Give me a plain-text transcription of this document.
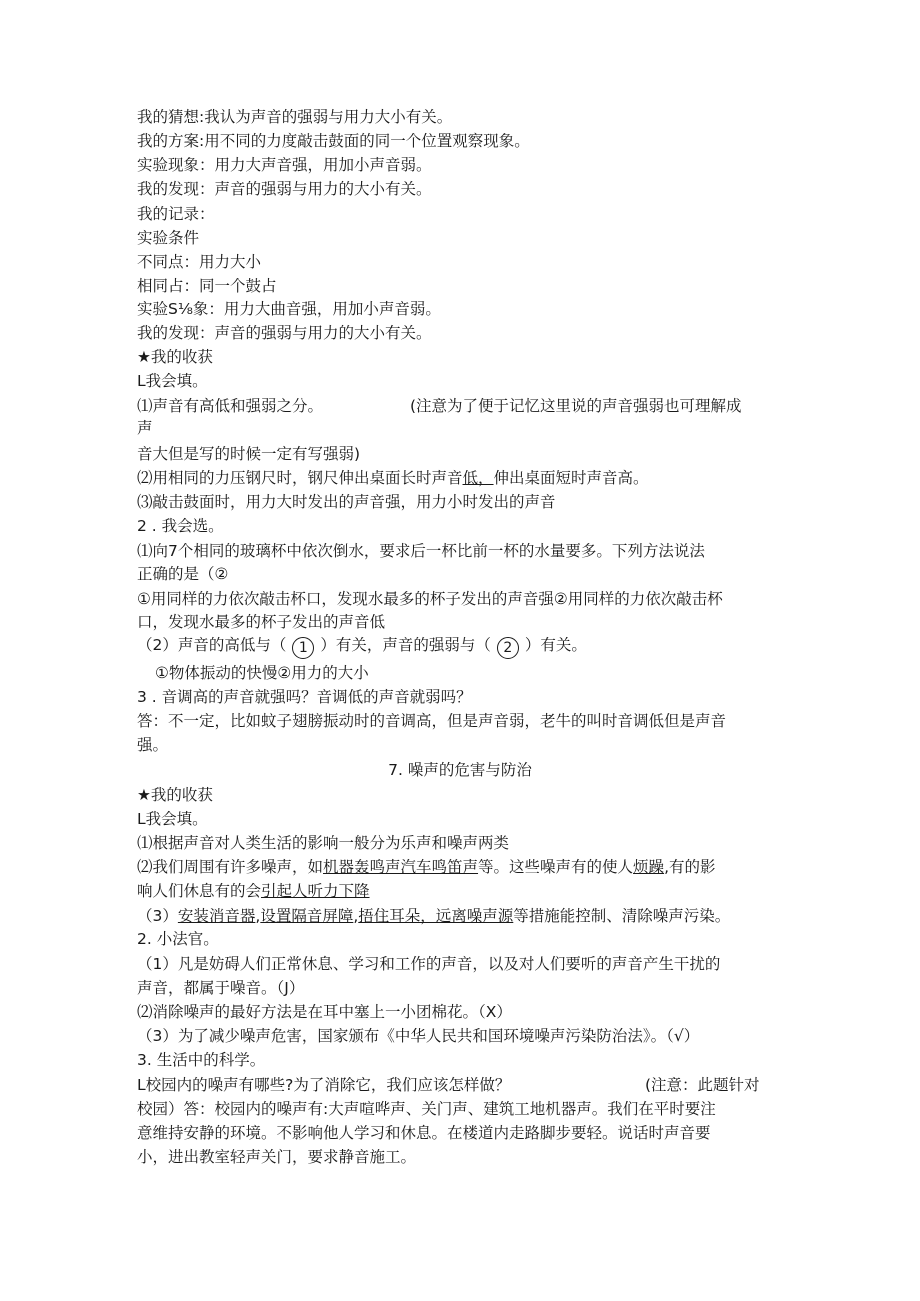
我的猜想:我认为声音的强弱与用力大小有关。
我的方案:用不同的力度敲击鼓面的同一个位置观察现象。
实验现象：用力大声音强，用加小声音弱。
我的发现：声音的强弱与用力的大小有关。
我的记录：
实验条件
不同点：用力大小
相同占：同一个鼓占
实验S⅛象：用力大曲音强，用加小声音弱。
我的发现：声音的强弱与用力的大小有关。
★我的收获
L我会填。
⑴声音有高低和强弱之分。	(注意为了便于记忆这里说的声音强弱也可理解成
声
音大但是写的时候一定有写强弱)
⑵用相同的力压钢尺时，钢尺伸出桌面长时声音低，伸出桌面短时声音高。
⑶敲击鼓面时，用力大时发出的声音强，用力小时发出的声音
2 . 我会选。
⑴向7个相同的玻璃杯中依次倒水，要求后一杯比前一杯的水量要多。下列方法说法
正确的是（②
①用同样的力依次敲击杯口，发现水最多的杯子发出的声音强②用同样的力依次敲击杯
口，发现水最多的杯子发出的声音低
（2）声音的高低与（ 1 ）有关，声音的强弱与（ 2 ）有关。
①物体振动的快慢②用力的大小
3 . 音调高的声音就强吗？音调低的声音就弱吗？
答：不一定，比如蚊子翅膀振动时的音调高，但是声音弱，老牛的叫时音调低但是声音
强。
7. 噪声的危害与防治
★我的收获
L我会填。
⑴根据声音对人类生活的影响一般分为乐声和噪声两类
⑵我们周围有许多噪声，如机器轰鸣声汽车鸣笛声等。这些噪声有的使人烦躁,有的影
响人们休息有的会引起人听力下降
（3）安装消音器,设置隔音屏障,捂住耳朵，远离噪声源等措施能控制、清除噪声污染。
2. 小法官。
（1）凡是妨碍人们正常休息、学习和工作的声音，以及对人们要听的声音产生干扰的
声音，都属于噪音。（J）
⑵消除噪声的最好方法是在耳中塞上一小团棉花。（X）
（3）为了减少噪声危害，国家颁布《中华人民共和国环境噪声污染防治法》。（√）
3. 生活中的科学。
L校园内的噪声有哪些?为了消除它，我们应该怎样做？	(注意：此题针对
校园）答：校园内的噪声有:大声喧哗声、关门声、建筑工地机器声。我们在平时要注
意维持安静的环境。不影响他人学习和休息。在楼道内走路脚步要轻。说话时声音要
小，进出教室轻声关门，要求静音施工。
